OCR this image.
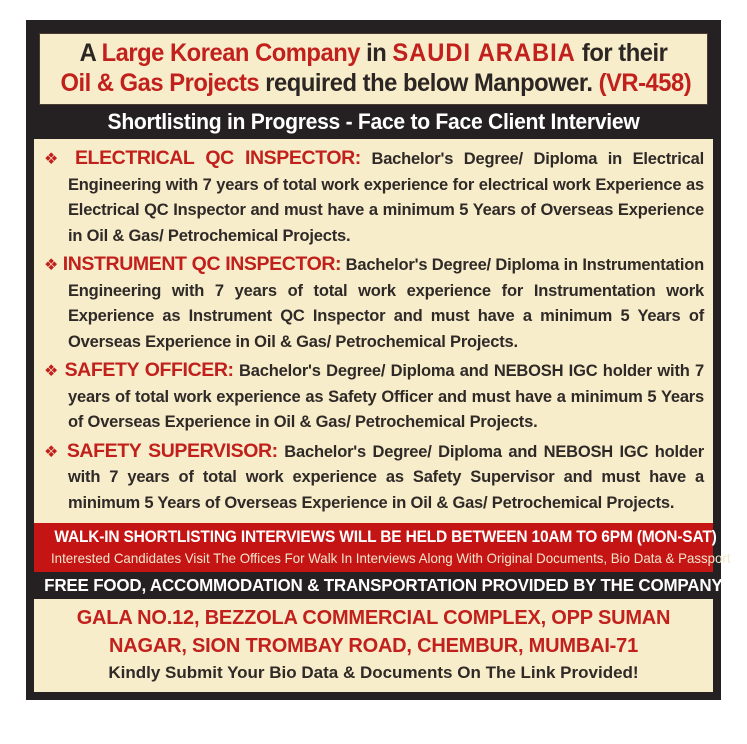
A Large Korean Company in SAUDI ARABIA for their
Oil & Gas Projects required the below Manpower. (VR-458)
Shortlisting in Progress - Face to Face Client Interview

❖ ELECTRICAL QC INSPECTOR: Bachelor's Degree/ Diploma in Electrical Engineering with 7 years of total work experience for electrical work Experience as Electrical QC Inspector and must have a minimum 5 Years of Overseas Experience in Oil & Gas/ Petrochemical Projects.

❖ INSTRUMENT QC INSPECTOR: Bachelor's Degree/ Diploma in Instrumentation Engineering with 7 years of total work experience for Instrumentation work Experience as Instrument QC Inspector and must have a minimum 5 Years of Overseas Experience in Oil & Gas/ Petrochemical Projects.

❖ SAFETY OFFICER: Bachelor's Degree/ Diploma and NEBOSH IGC holder with 7 years of total work experience as Safety Officer and must have a minimum 5 Years of Overseas Experience in Oil & Gas/ Petrochemical Projects.

❖ SAFETY SUPERVISOR: Bachelor's Degree/ Diploma and NEBOSH IGC holder with 7 years of total work experience as Safety Supervisor and must have a minimum 5 Years of Overseas Experience in Oil & Gas/ Petrochemical Projects.

WALK-IN SHORTLISTING INTERVIEWS WILL BE HELD BETWEEN 10AM TO 6PM (MON-SAT)
Interested Candidates Visit The Offices For Walk In Interviews Along With Original Documents, Bio Data & Passport
FREE FOOD, ACCOMMODATION & TRANSPORTATION PROVIDED BY THE COMPANY
GALA NO.12, BEZZOLA COMMERCIAL COMPLEX, OPP SUMAN NAGAR, SION TROMBAY ROAD, CHEMBUR, MUMBAI-71
Kindly Submit Your Bio Data & Documents On The Link Provided!
